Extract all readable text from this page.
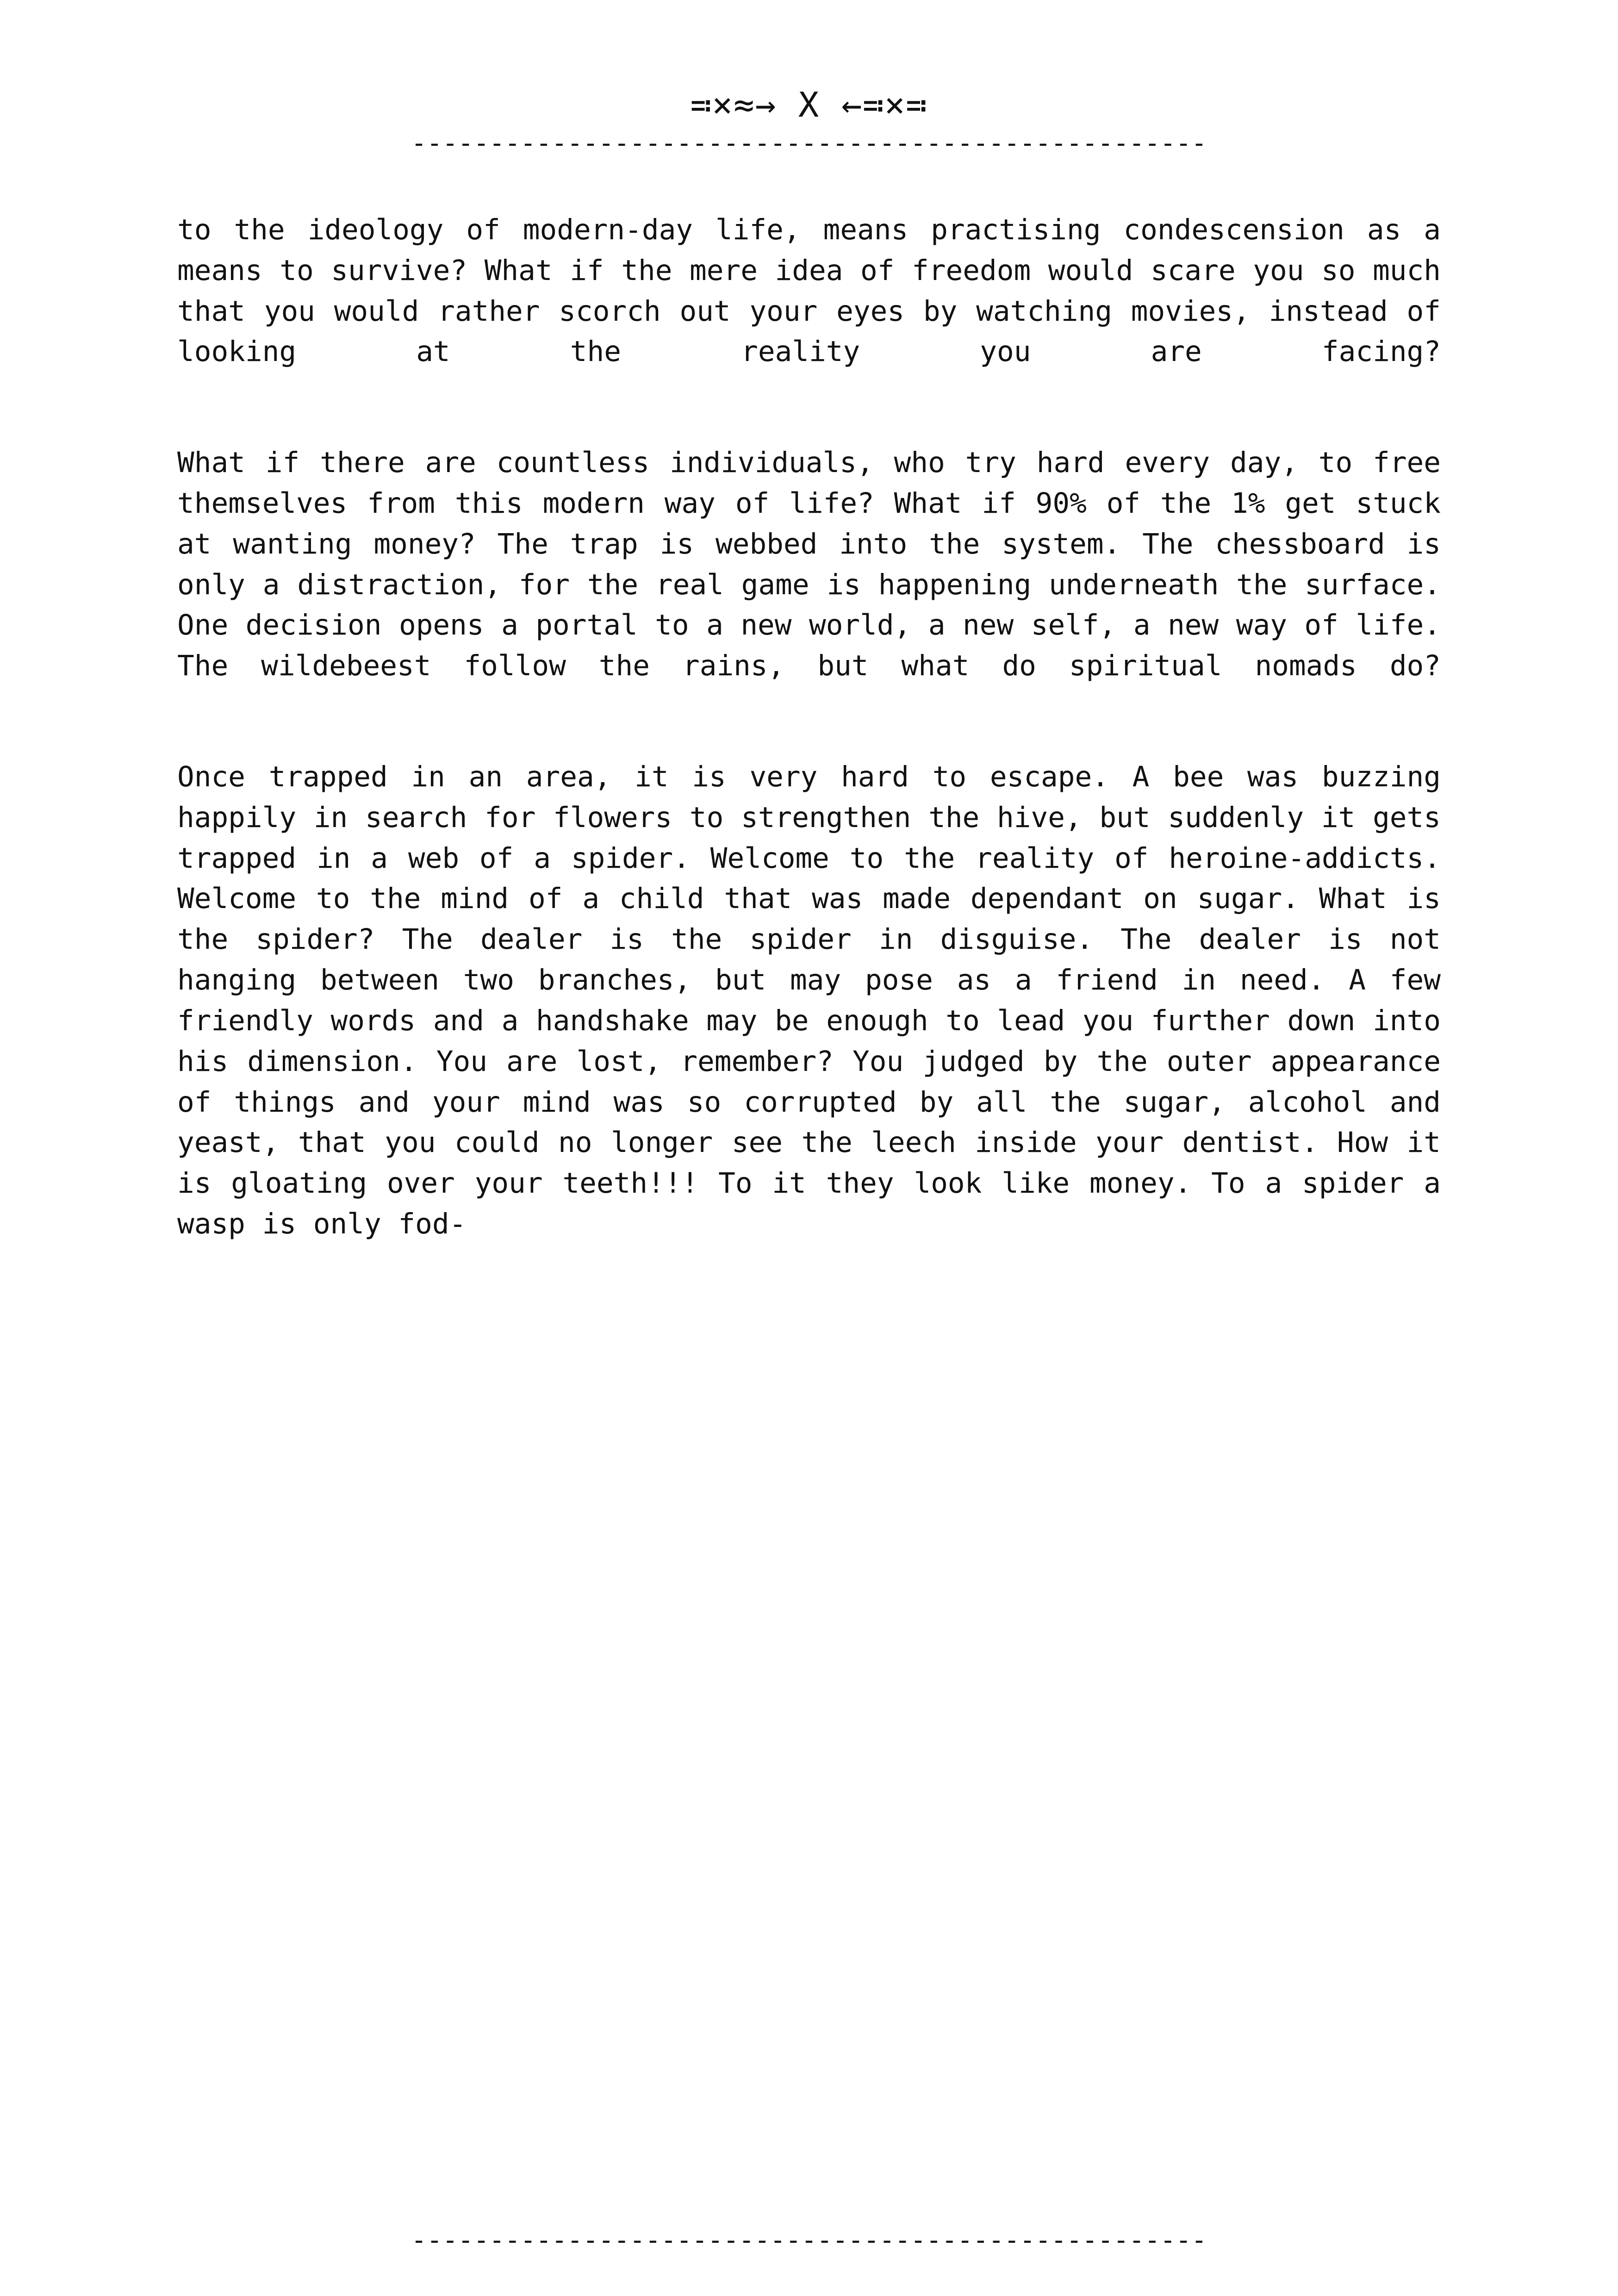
≕×≈→ X ←≕×≕
---------------------------------------------------

to the ideology of modern-day life, means practising condescension as a means to survive? What if the mere idea of freedom would scare you so much that you would rather scorch out your eyes by watching movies, instead of looking at the reality you are facing?

What if there are countless individuals, who try hard every day, to free themselves from this modern way of life? What if 90% of the 1% get stuck at wanting money? The trap is webbed into the system. The chessboard is only a distraction, for the real game is happening underneath the surface. One decision opens a portal to a new world, a new self, a new way of life. The wildebeest follow the rains, but what do spiritual nomads do?

Once trapped in an area, it is very hard to escape. A bee was buzzing happily in search for flowers to strengthen the hive, but suddenly it gets trapped in a web of a spider. Welcome to the reality of heroine-addicts. Welcome to the mind of a child that was made dependant on sugar. What is the spider? The dealer is the spider in disguise. The dealer is not hanging between two branches, but may pose as a friend in need. A few friendly words and a handshake may be enough to lead you further down into his dimension. You are lost, remember? You judged by the outer appearance of things and your mind was so corrupted by all the sugar, alcohol and yeast, that you could no longer see the leech inside your dentist. How it is gloating over your teeth!!! To it they look like money. To a spider a wasp is only fod-

---------------------------------------------------
